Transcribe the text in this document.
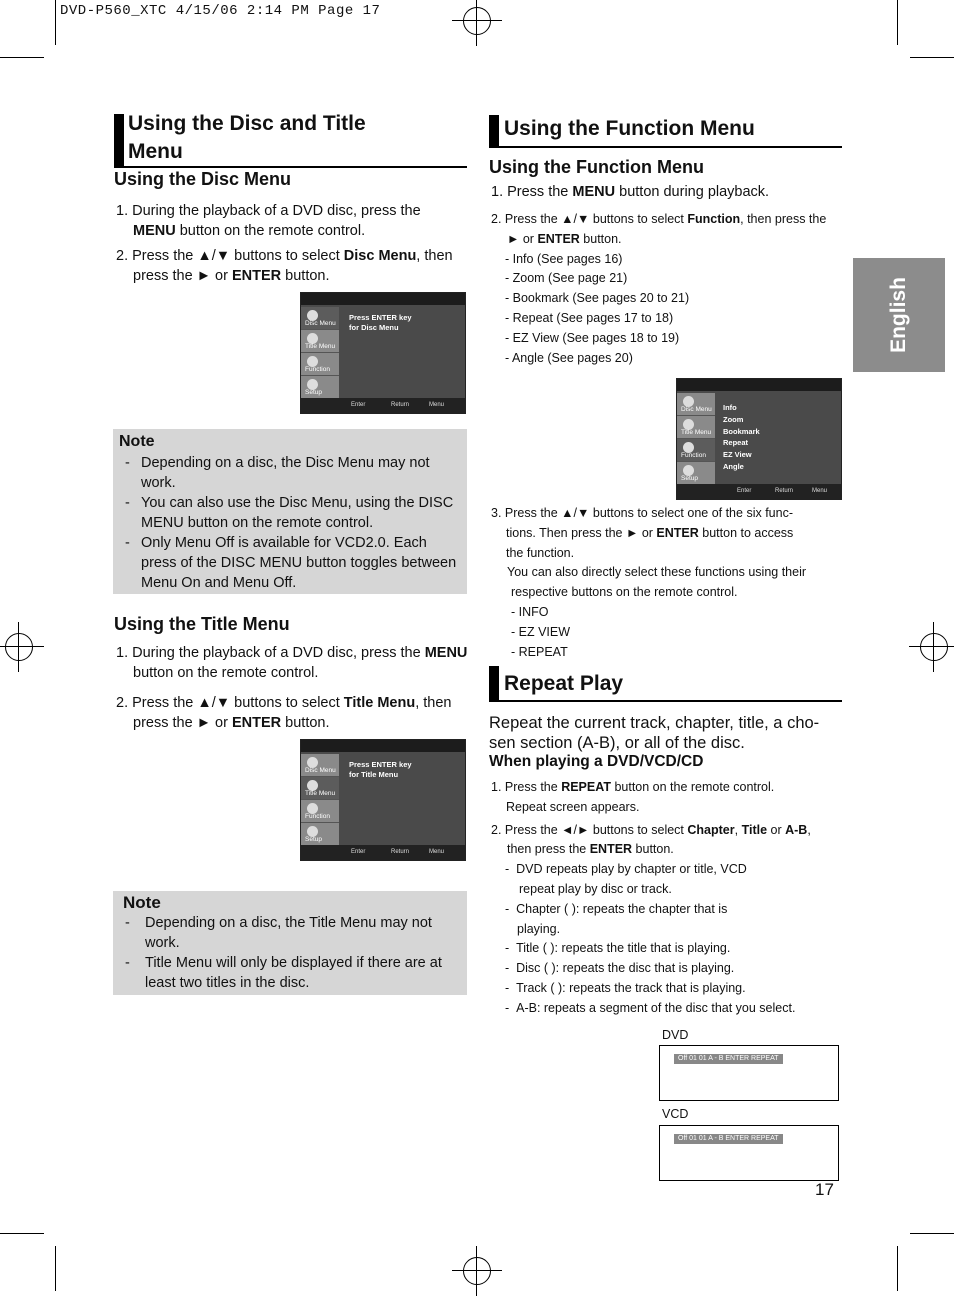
DVD-P560_XTC 4/15/06 2:14 PM Page 17
English
Using the Disc and Title
Menu
Using the Disc Menu
1. During the playback of a DVD disc, press the
MENU button on the remote control.
2. Press the ▲/▼ buttons to select Disc Menu, then
press the ► or ENTER button.
Disc Menu
Title Menu
Function
Setup
Press ENTER key
for Disc Menu
Enter	Return	Menu
Note
- Depending on a disc, the Disc Menu may not work.
- You can also use the Disc Menu, using the DISC MENU button on the remote control.
- Only Menu Off is available for VCD2.0. Each press of the DISC MENU button toggles between Menu On and Menu Off.
Using the Title Menu
1. During the playback of a DVD disc, press the MENU
button on the remote control.
2. Press the ▲/▼ buttons to select Title Menu, then
press the ► or ENTER button.
Disc Menu
Title Menu
Function
Setup
Press ENTER key
for Title Menu
Enter	Return	Menu
Note
- Depending on a disc, the Title Menu may not work.
- Title Menu will only be displayed if there are at least two titles in the disc.
Using the Function Menu
Using the Function Menu
1. Press the MENU button during playback.
2. Press the ▲/▼ buttons to select Function, then press the
► or ENTER button.
- Info (See pages 16)
- Zoom (See page 21)
- Bookmark (See pages 20 to 21)
- Repeat (See pages 17 to 18)
- EZ View (See pages 18 to 19)
- Angle (See pages 20)
Disc Menu
Title Menu
Function
Setup
Info
Zoom
Bookmark
Repeat
EZ View
Angle
Enter	Return	Menu
3. Press the ▲/▼ buttons to select one of the six func-
tions. Then press the ► or ENTER button to access
the function.
You can also directly select these functions using their
respective buttons on the remote control.
- INFO
- EZ VIEW
- REPEAT
Repeat Play
Repeat the current track, chapter, title, a cho-
sen section (A-B), or all of the disc.
When playing a DVD/VCD/CD
1. Press the REPEAT button on the remote control.
Repeat screen appears.
2. Press the ◄/► buttons to select Chapter, Title or A-B,
then press the ENTER button.
-  DVD repeats play by chapter or title, VCD
repeat play by disc or track.
-  Chapter ( ): repeats the chapter that is
playing.
-  Title ( ): repeats the title that is playing.
-  Disc ( ): repeats the disc that is playing.
-  Track ( ): repeats the track that is playing.
-  A-B: repeats a segment of the disc that you select.
DVD
Off 01 01 A - B ENTER REPEAT
VCD
Off 01 01 A - B ENTER REPEAT
17
